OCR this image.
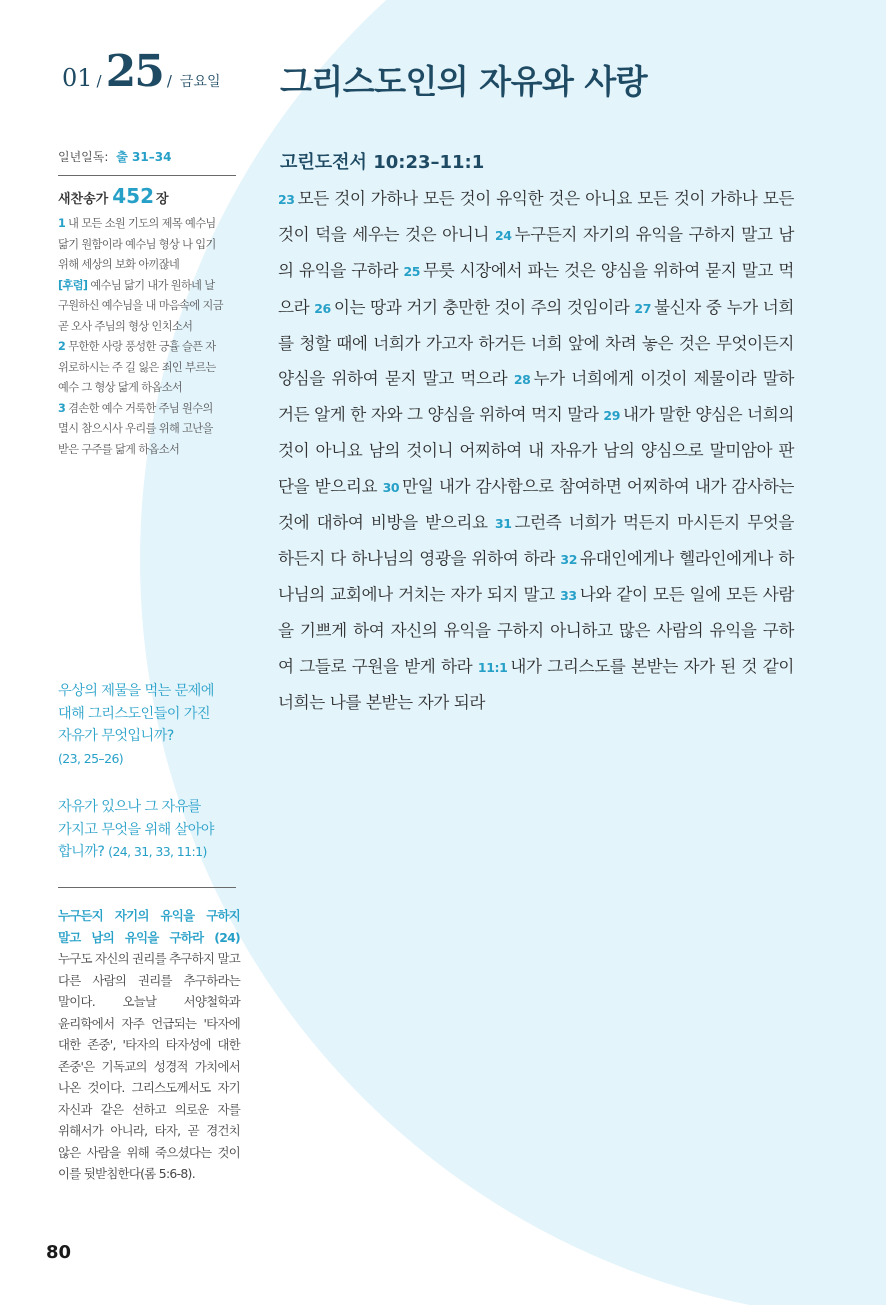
01 / 25 / 금요일 그리스도인의 자유와 사랑
일년일독: 출 31–34
새찬송가 452 장
1 내 모든 소원 기도의 제목 예수님 닮기 원함이라 예수님 형상 나 입기 위해 세상의 보화 아끼잖네
[후렴] 예수님 닮기 내가 원하네 날 구원하신 예수님을 내 마음속에 지금 곧 오사 주님의 형상 인치소서
2 무한한 사랑 풍성한 긍휼 슬픈 자 위로하시는 주 길 잃은 죄인 부르는 예수 그 형상 닮게 하옵소서
3 겸손한 예수 거룩한 주님 원수의 멸시 참으시사 우리를 위해 고난을 받은 구주를 닮게 하옵소서

우상의 제물을 먹는 문제에 대해 그리스도인들이 가진 자유가 무엇입니까?
(23, 25–26)

자유가 있으나 그 자유를 가지고 무엇을 위해 살아야 합니까? (24, 31, 33, 11:1)

누구든지 자기의 유익을 구하지 말고 남의 유익을 구하라 (24) 누구도 자신의 권리를 추구하지 말고 다른 사람의 권리를 추구하라는 말이다. 오늘날 서양철학과 윤리학에서 자주 언급되는 '타자에 대한 존중', '타자의 타자성에 대한 존중'은 기독교의 성경적 가치에서 나온 것이다. 그리스도께서도 자기 자신과 같은 선하고 의로운 자를 위해서가 아니라, 타자, 곧 경건치 않은 사람을 위해 죽으셨다는 것이 이를 뒷받침한다(롬 5:6-8).

80
고린도전서 10:23–11:1

23 모든 것이 가하나 모든 것이 유익한 것은 아니요 모든 것이 가하나 모든 것이 덕을 세우는 것은 아니니 24 누구든지 자기의 유익을 구하지 말고 남의 유익을 구하라 25 무릇 시장에서 파는 것은 양심을 위하여 묻지 말고 먹으라 26 이는 땅과 거기 충만한 것이 주의 것임이라 27 불신자 중 누가 너희를 청할 때에 너희가 가고자 하거든 너희 앞에 차려 놓은 것은 무엇이든지 양심을 위하여 묻지 말고 먹으라 28 누가 너희에게 이것이 제물이라 말하거든 알게 한 자와 그 양심을 위하여 먹지 말라 29 내가 말한 양심은 너희의 것이 아니요 남의 것이니 어찌하여 내 자유가 남의 양심으로 말미암아 판단을 받으리요 30 만일 내가 감사함으로 참여하면 어찌하여 내가 감사하는 것에 대하여 비방을 받으리요 31 그런즉 너희가 먹든지 마시든지 무엇을 하든지 다 하나님의 영광을 위하여 하라 32 유대인에게나 헬라인에게나 하나님의 교회에나 거치는 자가 되지 말고 33 나와 같이 모든 일에 모든 사람을 기쁘게 하여 자신의 유익을 구하지 아니하고 많은 사람의 유익을 구하여 그들로 구원을 받게 하라 11:1 내가 그리스도를 본받는 자가 된 것 같이 너희는 나를 본받는 자가 되라
